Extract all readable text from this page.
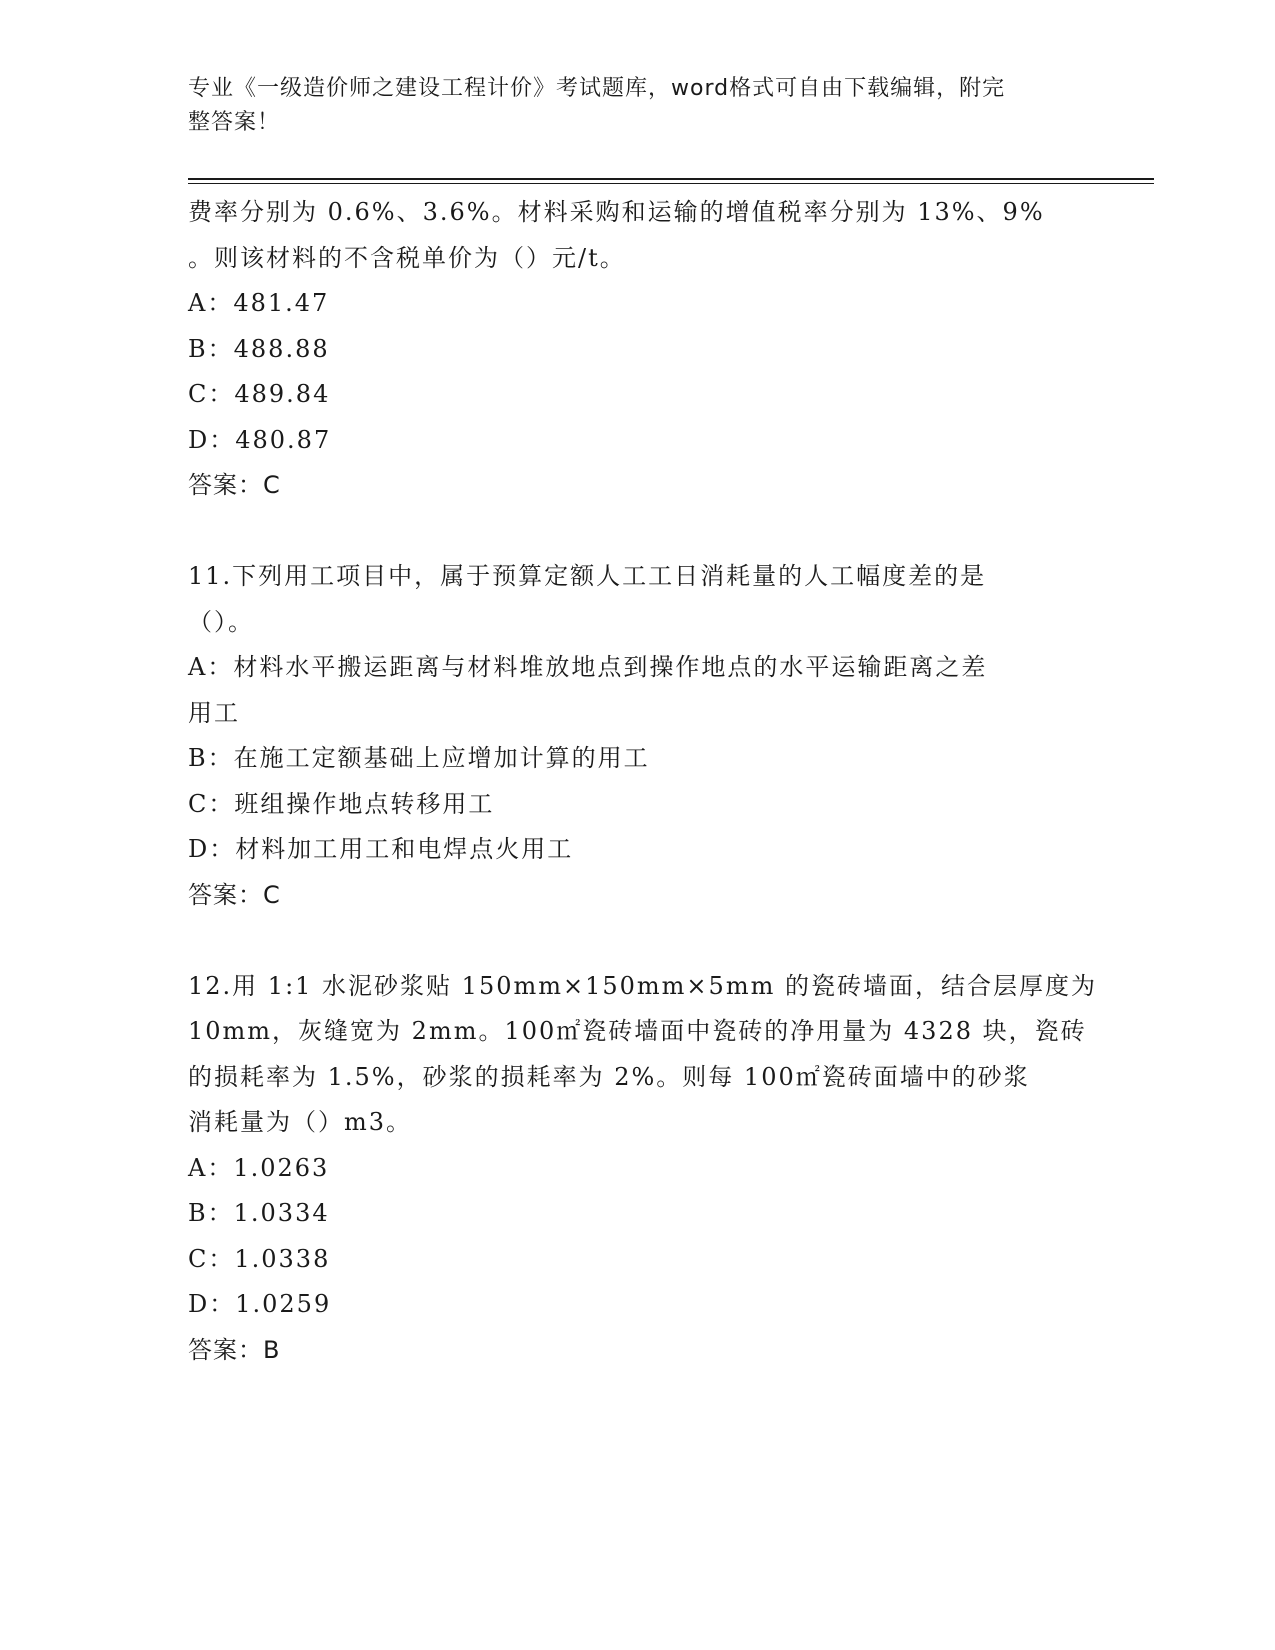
专业《一级造价师之建设工程计价》考试题库，word格式可自由下载编辑，附完
整答案！
费率分别为 0.6%、3.6%。材料采购和运输的增值税率分别为 13%、9%
。则该材料的不含税单价为（）元/t。
A：481.47
B：488.88
C：489.84
D：480.87
答案：C
11.下列用工项目中，属于预算定额人工工日消耗量的人工幅度差的是
（）。
A：材料水平搬运距离与材料堆放地点到操作地点的水平运输距离之差
用工
B：在施工定额基础上应增加计算的用工
C：班组操作地点转移用工
D：材料加工用工和电焊点火用工
答案：C
12.用 1:1 水泥砂浆贴 150mm×150mm×5mm 的瓷砖墙面，结合层厚度为
10mm，灰缝宽为 2mm。100㎡瓷砖墙面中瓷砖的净用量为 4328 块，瓷砖
的损耗率为 1.5%，砂浆的损耗率为 2%。则每 100㎡瓷砖面墙中的砂浆
消耗量为（）m3。
A：1.0263
B：1.0334
C：1.0338
D：1.0259
答案：B
